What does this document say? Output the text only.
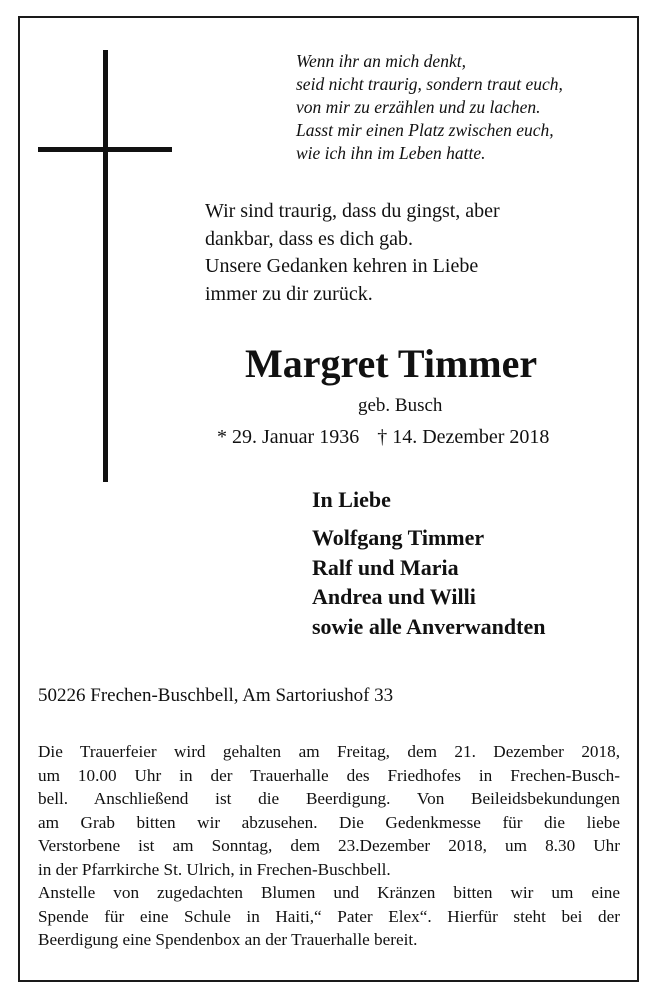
Wenn ihr an mich denkt,
seid nicht traurig, sondern traut euch,
von mir zu erzählen und zu lachen.
Lasst mir einen Platz zwischen euch,
wie ich ihn im Leben hatte.
Wir sind traurig, dass du gingst, aber
dankbar, dass es dich gab.
Unsere Gedanken kehren in Liebe
immer zu dir zurück.
Margret Timmer
geb. Busch
* 29. Januar 1936 † 14. Dezember 2018
In Liebe
Wolfgang Timmer
Ralf und Maria
Andrea und Willi
sowie alle Anverwandten
50226 Frechen-Buschbell, Am Sartoriushof 33
Die Trauerfeier wird gehalten am Freitag, dem 21. Dezember 2018,
um 10.00 Uhr in der Trauerhalle des Friedhofes in Frechen-Busch-
bell. Anschließend ist die Beerdigung. Von Beileidsbekundungen
am Grab bitten wir abzusehen. Die Gedenkmesse für die liebe
Verstorbene ist am Sonntag, dem 23.Dezember 2018, um 8.30 Uhr
in der Pfarrkirche St. Ulrich, in Frechen-Buschbell.
Anstelle von zugedachten Blumen und Kränzen bitten wir um eine
Spende für eine Schule in Haiti,“ Pater Elex“. Hierfür steht bei der
Beerdigung eine Spendenbox an der Trauerhalle bereit.
